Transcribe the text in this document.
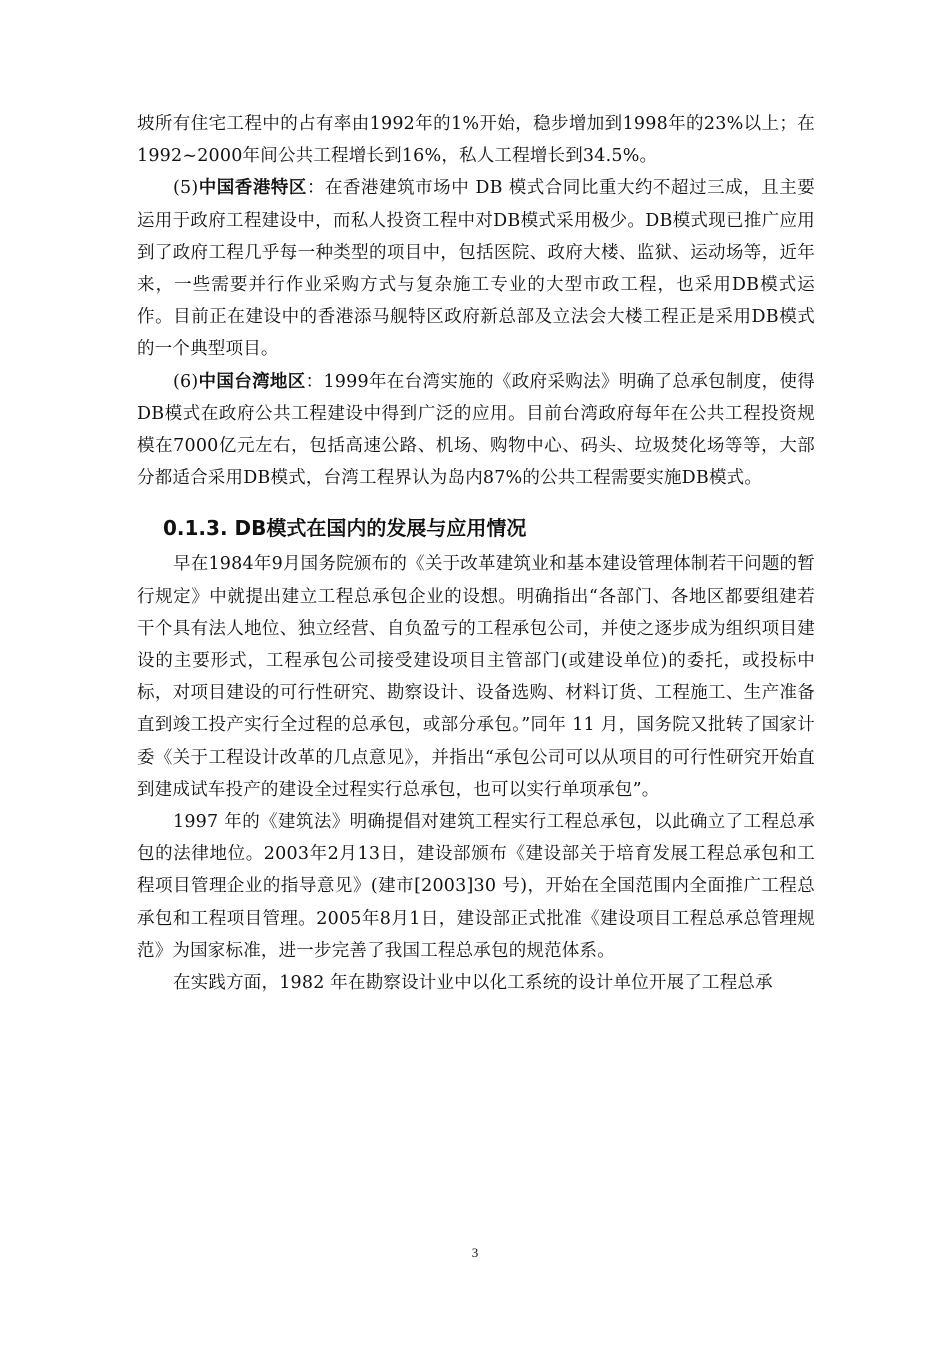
坡所有住宅工程中的占有率由1992年的1%开始，稳步增加到1998年的23%以上；在1992~2000年间公共工程增长到16%，私人工程增长到34.5%。

(5)中国香港特区：在香港建筑市场中 DB 模式合同比重大约不超过三成，且主要运用于政府工程建设中，而私人投资工程中对DB模式采用极少。DB模式现已推广应用到了政府工程几乎每一种类型的项目中，包括医院、政府大楼、监狱、运动场等，近年来，一些需要并行作业采购方式与复杂施工专业的大型市政工程，也采用DB模式运作。目前正在建设中的香港添马舰特区政府新总部及立法会大楼工程正是采用DB模式的一个典型项目。

(6)中国台湾地区：1999年在台湾实施的《政府采购法》明确了总承包制度，使得DB模式在政府公共工程建设中得到广泛的应用。目前台湾政府每年在公共工程投资规模在7000亿元左右，包括高速公路、机场、购物中心、码头、垃圾焚化场等等，大部分都适合采用DB模式，台湾工程界认为岛内87%的公共工程需要实施DB模式。

0.1.3. DB模式在国内的发展与应用情况

早在1984年9月国务院颁布的《关于改革建筑业和基本建设管理体制若干问题的暂行规定》中就提出建立工程总承包企业的设想。明确指出“各部门、各地区都要组建若干个具有法人地位、独立经营、自负盈亏的工程承包公司，并使之逐步成为组织项目建设的主要形式，工程承包公司接受建设项目主管部门(或建设单位)的委托，或投标中标，对项目建设的可行性研究、勘察设计、设备选购、材料订货、工程施工、生产准备直到竣工投产实行全过程的总承包，或部分承包。”同年 11 月，国务院又批转了国家计委《关于工程设计改革的几点意见》，并指出“承包公司可以从项目的可行性研究开始直到建成试车投产的建设全过程实行总承包，也可以实行单项承包”。

1997 年的《建筑法》明确提倡对建筑工程实行工程总承包，以此确立了工程总承包的法律地位。2003年2月13日，建设部颁布《建设部关于培育发展工程总承包和工程项目管理企业的指导意见》(建市[2003]30 号)，开始在全国范围内全面推广工程总承包和工程项目管理。2005年8月1日，建设部正式批准《建设项目工程总承总管理规范》为国家标准，进一步完善了我国工程总承包的规范体系。

在实践方面，1982 年在勘察设计业中以化工系统的设计单位开展了工程总承

3
